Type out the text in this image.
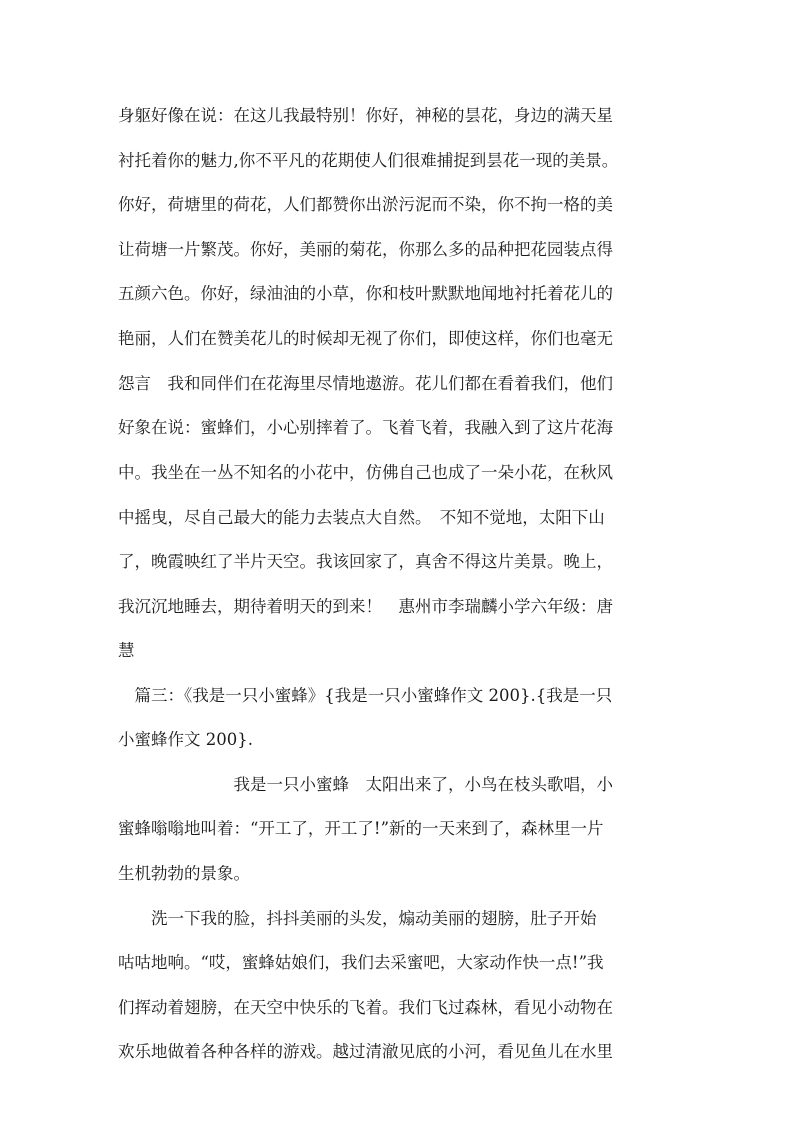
身躯好像在说：在这儿我最特别！你好，神秘的昙花，身边的满天星
衬托着你的魅力,你不平凡的花期使人们很难捕捉到昙花一现的美景。
你好，荷塘里的荷花，人们都赞你出淤污泥而不染，你不拘一格的美
让荷塘一片繁茂。你好，美丽的菊花，你那么多的品种把花园装点得
五颜六色。你好，绿油油的小草，你和枝叶默默地闻地衬托着花儿的
艳丽，人们在赞美花儿的时候却无视了你们，即使这样，你们也毫无
怨言　我和同伴们在花海里尽情地遨游。花儿们都在看着我们，他们
好象在说：蜜蜂们，小心别摔着了。飞着飞着，我融入到了这片花海
中。我坐在一丛不知名的小花中，仿佛自己也成了一朵小花，在秋风
中摇曳，尽自己最大的能力去装点大自然。　不知不觉地，太阳下山
了，晚霞映红了半片天空。我该回家了，真舍不得这片美景。晚上，
我沉沉地睡去，期待着明天的到来！　惠州市李瑞麟小学六年级：唐
慧
　篇三：《我是一只小蜜蜂》{我是一只小蜜蜂作文 200}.{我是一只
小蜜蜂作文 200}.
　　　　　　　我是一只小蜜蜂　太阳出来了，小鸟在枝头歌唱，小
蜜蜂嗡嗡地叫着：“开工了，开工了!”新的一天来到了，森林里一片
生机勃勃的景象。
　　洗一下我的脸，抖抖美丽的头发，煽动美丽的翅膀，肚子开始
咕咕地响。“哎，蜜蜂姑娘们，我们去采蜜吧，大家动作快一点!”我
们挥动着翅膀，在天空中快乐的飞着。我们飞过森林，看见小动物在
欢乐地做着各种各样的游戏。越过清澈见底的小河，看见鱼儿在水里
